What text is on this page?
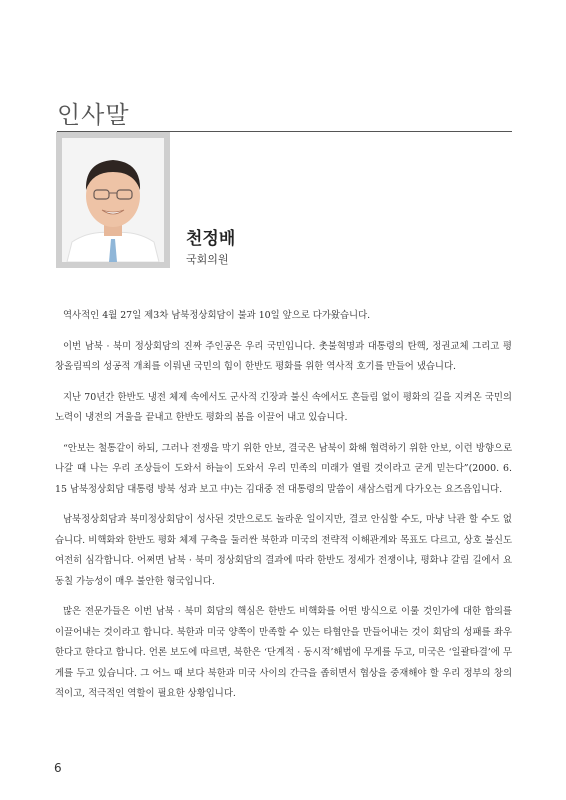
인사말
천정배
국회의원

역사적인 4월 27일 제3차 남북정상회담이 불과 10일 앞으로 다가왔습니다.

이번 남북 · 북미 정상회담의 진짜 주인공은 우리 국민입니다. 촛불혁명과 대통령의 탄핵, 정권교체 그리고 평창올림픽의 성공적 개최를 이뤄낸 국민의 힘이 한반도 평화를 위한 역사적 호기를 만들어 냈습니다.

지난 70년간 한반도 냉전 체제 속에서도 군사적 긴장과 불신 속에서도 흔들림 없이 평화의 길을 지켜온 국민의 노력이 냉전의 겨울을 끝내고 한반도 평화의 봄을 이끌어 내고 있습니다.

“안보는 철통같이 하되, 그러나 전쟁을 막기 위한 안보, 결국은 남북이 화해 협력하기 위한 안보, 이런 방향으로 나갈 때 나는 우리 조상들이 도와서 하늘이 도와서 우리 민족의 미래가 열릴 것이라고 굳게 믿는다”(2000. 6. 15 남북정상회담 대통령 방북 성과 보고 中)는 김대중 전 대통령의 말씀이 새삼스럽게 다가오는 요즈음입니다.

남북정상회담과 북미정상회담이 성사된 것만으로도 놀라운 일이지만, 결코 안심할 수도, 마냥 낙관 할 수도 없습니다. 비핵화와 한반도 평화 체제 구축을 둘러싼 북한과 미국의 전략적 이해관계와 목표도 다르고, 상호 불신도 여전히 심각합니다. 어쩌면 남북 · 북미 정상회담의 결과에 따라 한반도 정세가 전쟁이냐, 평화냐 갈림 길에서 요동칠 가능성이 매우 불안한 형국입니다.

많은 전문가들은 이번 남북 · 북미 회담의 핵심은 한반도 비핵화를 어떤 방식으로 이룰 것인가에 대한 합의를 이끌어내는 것이라고 합니다. 북한과 미국 양쪽이 만족할 수 있는 타협안을 만들어내는 것이 회담의 성패를 좌우한다고 한다고 합니다. 언론 보도에 따르면, 북한은 ‘단계적 · 동시적’해법에 무게를 두고, 미국은 ‘일괄타결’에 무게를 두고 있습니다. 그 어느 때 보다 북한과 미국 사이의 간극을 좁히면서 협상을 중재해야 할 우리 정부의 창의적이고, 적극적인 역할이 필요한 상황입니다.

6
